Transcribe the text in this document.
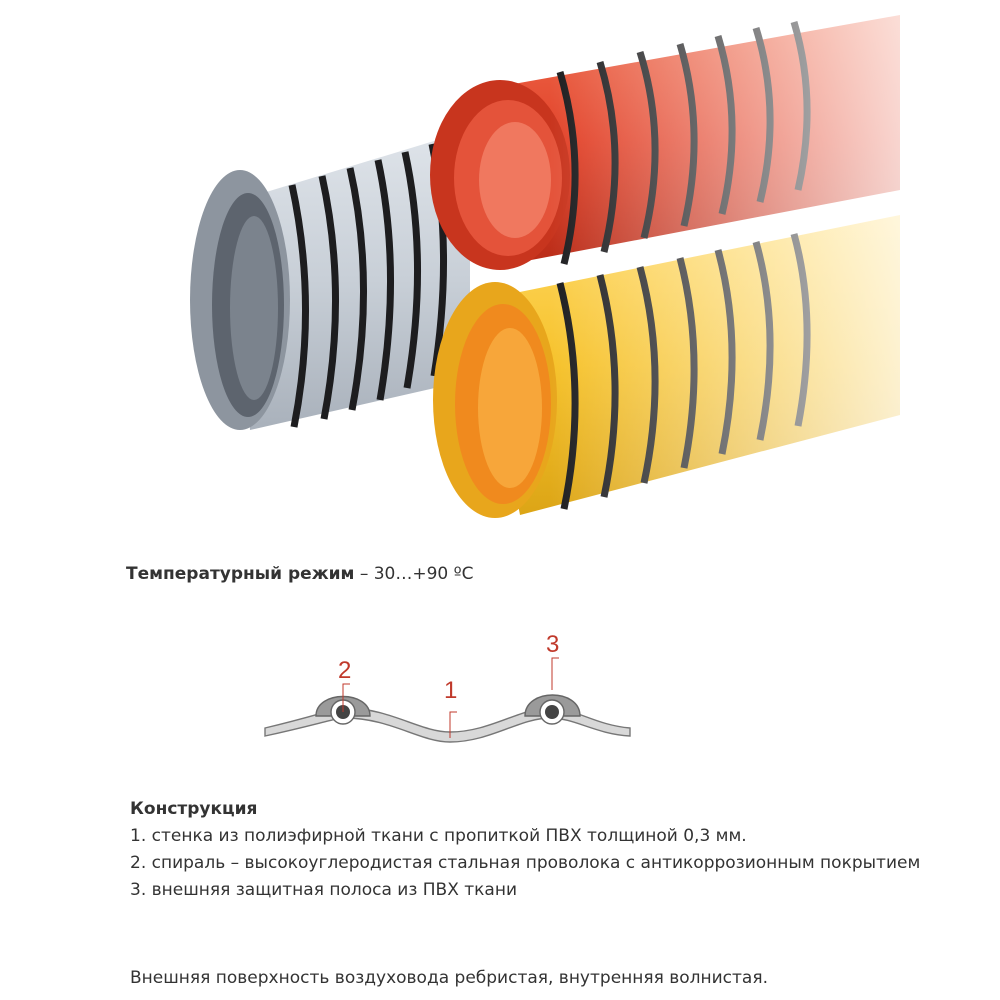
Температурный режим – 30…+90 ºC

2
1
3
Конструкция
1. стенка из полиэфирной ткани с пропиткой ПВХ толщиной 0,3 мм.
2. спираль – высокоуглеродистая стальная проволока с антикоррозионным покрытием
3. внешняя защитная полоса из ПВХ ткани

Внешняя поверхность воздуховода ребристая, внутренняя волнистая.
